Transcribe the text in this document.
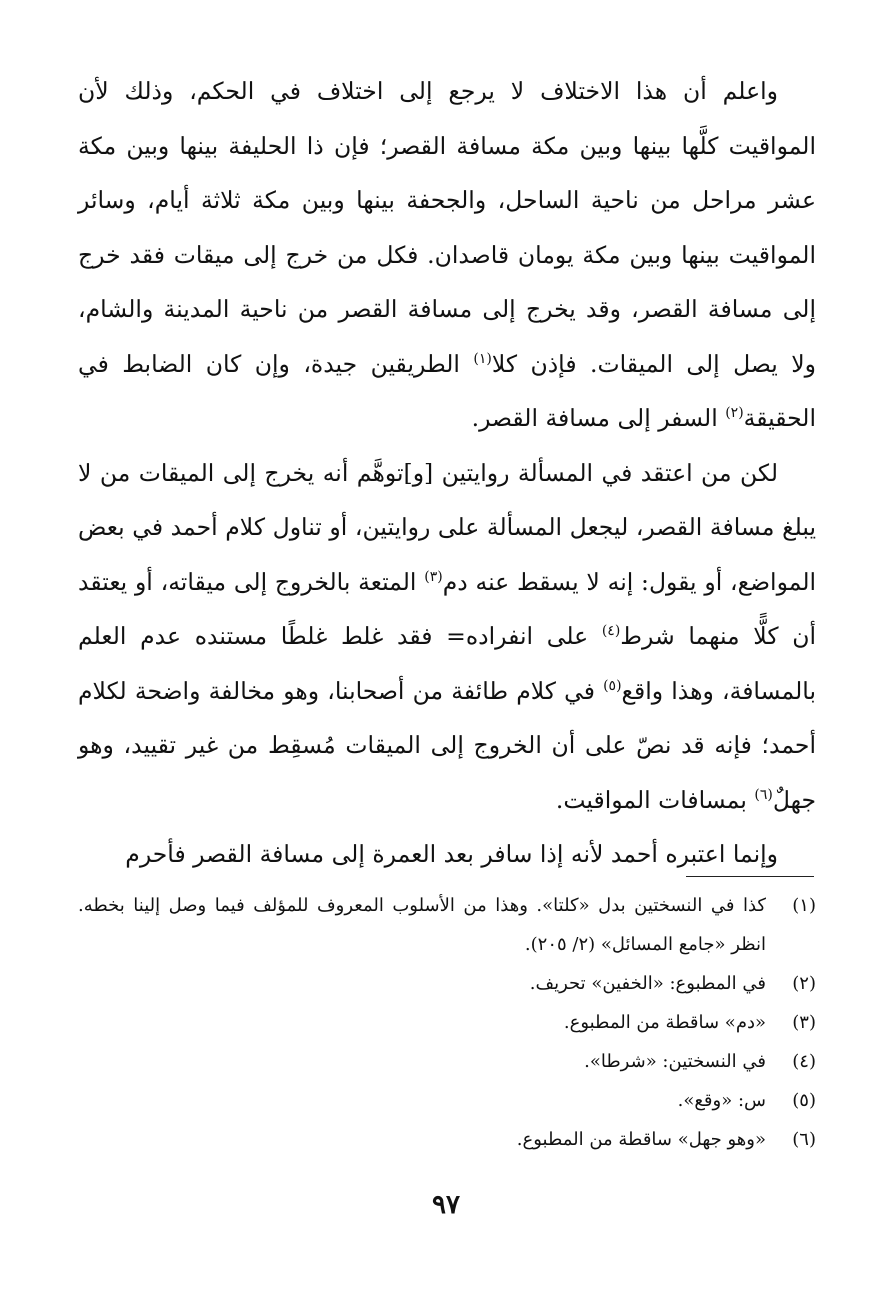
واعلم أن هذا الاختلاف لا يرجع إلى اختلاف في الحكم، وذلك لأن المواقيت كلَّها بينها وبين مكة مسافة القصر؛ فإن ذا الحليفة بينها وبين مكة عشر مراحل من ناحية الساحل، والجحفة بينها وبين مكة ثلاثة أيام، وسائر المواقيت بينها وبين مكة يومان قاصدان. فكل من خرج إلى ميقات فقد خرج إلى مسافة القصر، وقد يخرج إلى مسافة القصر من ناحية المدينة والشام، ولا يصل إلى الميقات. فإذن كلا$^{(١)}$ الطريقين جيدة، وإن كان الضابط في الحقيقة$^{(٢)}$ السفر إلى مسافة القصر.

لكن من اعتقد في المسألة روايتين [و]توهَّم أنه يخرج إلى الميقات من لا يبلغ مسافة القصر، ليجعل المسألة على روايتين، أو تناول كلام أحمد في بعض المواضع، أو يقول: إنه لا يسقط عنه دم$^{(٣)}$ المتعة بالخروج إلى ميقاته، أو يعتقد أن كلًّا منهما شرط$^{(٤)}$ على انفراده= فقد غلط غلطًا مستنده عدم العلم بالمسافة، وهذا واقع$^{(٥)}$ في كلام طائفة من أصحابنا، وهو مخالفة واضحة لكلام أحمد؛ فإنه قد نصّ على أن الخروج إلى الميقات مُسقِط من غير تقييد، وهو جهلٌ$^{(٦)}$ بمسافات المواقيت.

وإنما اعتبره أحمد لأنه إذا سافر بعد العمرة إلى مسافة القصر فأحرم

(١)
كذا في النسختين بدل «كلتا». وهذا من الأسلوب المعروف للمؤلف فيما وصل إلينا بخطه. انظر «جامع المسائل» (٢/ ٢٠٥).
(٢)
في المطبوع: «الخفين» تحريف.
(٣)
«دم» ساقطة من المطبوع.
(٤)
في النسختين: «شرطا».
(٥)
س: «وقع».
(٦)
«وهو جهل» ساقطة من المطبوع.
٩٧
